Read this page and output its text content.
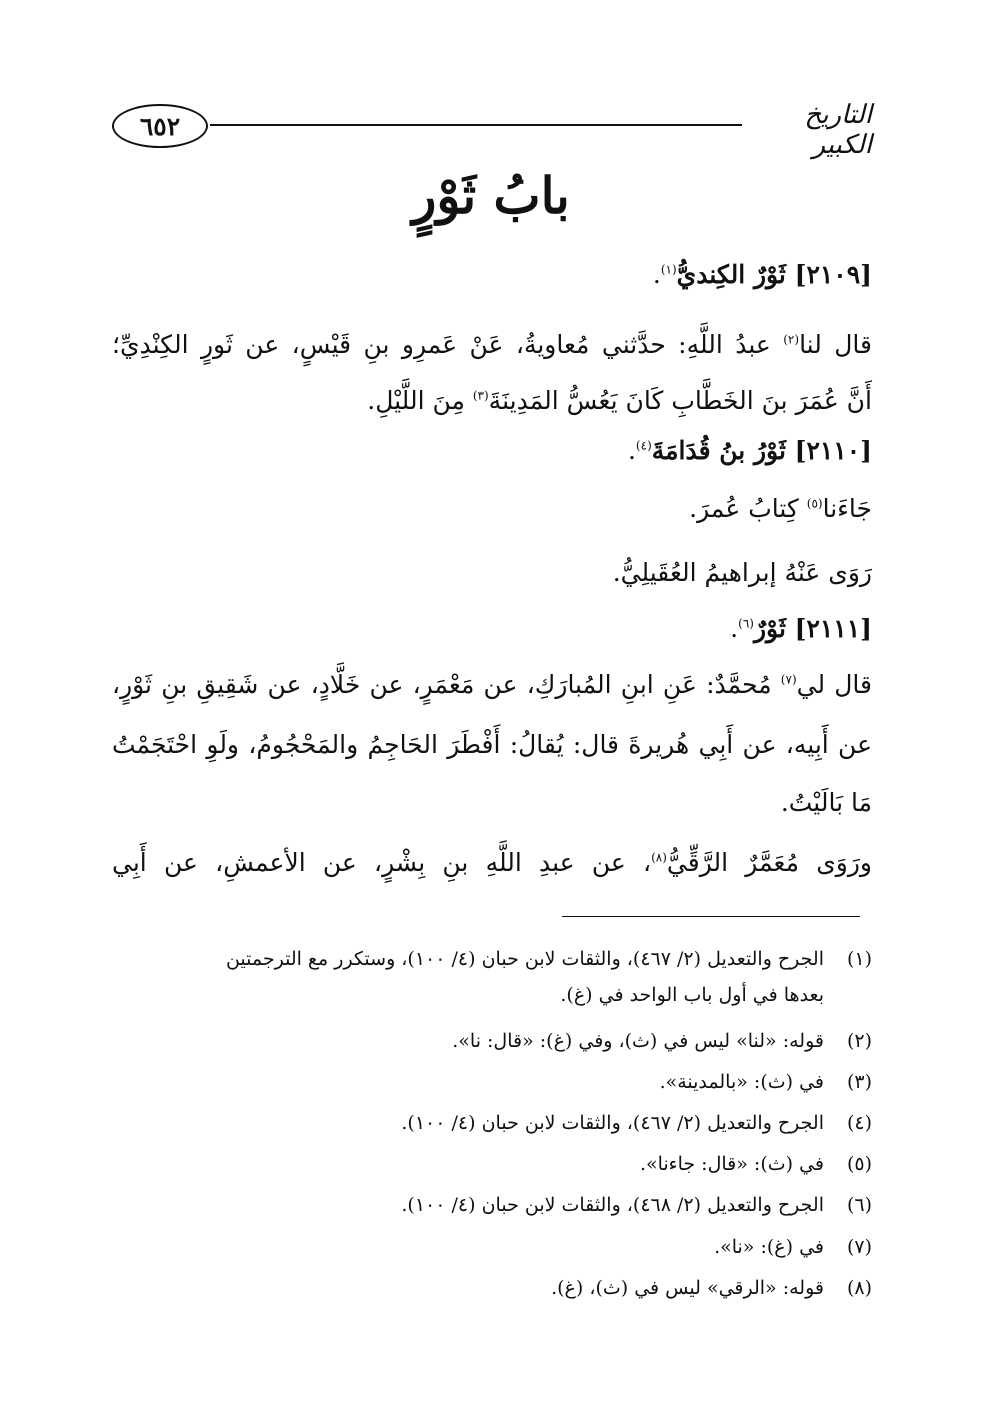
٦٥٢	التاريخ الكبير
بابُ ثَوْرٍ
[٢١٠٩] ثَوْرٌ الكِنديُّ$^{(١)}$.
قال لنا$^{(٢)}$ عبدُ اللَّهِ: حدَّثني مُعاويةُ، عَنْ عَمرِو بنِ قَيْسٍ، عن ثَورٍ الكِنْدِيِّ؛
أَنَّ عُمَرَ بنَ الخَطَّابِ كَانَ يَعُسُّ المَدِينَةَ$^{(٣)}$ مِنَ اللَّيْلِ.
[٢١١٠] ثَوْرُ بنُ قُدَامَةَ$^{(٤)}$.
جَاءَنا$^{(٥)}$ كِتابُ عُمرَ.
رَوَى عَنْهُ إبراهيمُ العُقَيلِيُّ.
[٢١١١] ثَوْرٌ$^{(٦)}$.
قال لي$^{(٧)}$ مُحمَّدٌ: عَنِ ابنِ المُبارَكِ، عن مَعْمَرٍ، عن خَلَّادٍ، عن شَقِيقِ بنِ ثَوْرٍ،
عن أَبِيه، عن أَبِي هُريرةَ قال: يُقالُ: أَفْطَرَ الحَاجِمُ والمَحْجُومُ، ولَوِ احْتَجَمْتُ
مَا بَالَيْتُ.
ورَوَى مُعَمَّرٌ الرَّقِّيُّ$^{(٨)}$، عن عبدِ اللَّهِ بنِ بِشْرٍ، عن الأعمشِ، عن أَبِي
(١)الجرح والتعديل (٢/ ٤٦٧)، والثقات لابن حبان (٤/ ١٠٠)، وستكرر مع الترجمتين
بعدها في أول باب الواحد في (غ).
(٢)قوله: «لنا» ليس في (ث)، وفي (غ): «قال: نا».
(٣)في (ث): «بالمدينة».
(٤)الجرح والتعديل (٢/ ٤٦٧)، والثقات لابن حبان (٤/ ١٠٠).
(٥)في (ث): «قال: جاءنا».
(٦)الجرح والتعديل (٢/ ٤٦٨)، والثقات لابن حبان (٤/ ١٠٠).
(٧)في (غ): «نا».
(٨)قوله: «الرقي» ليس في (ث)، (غ).
